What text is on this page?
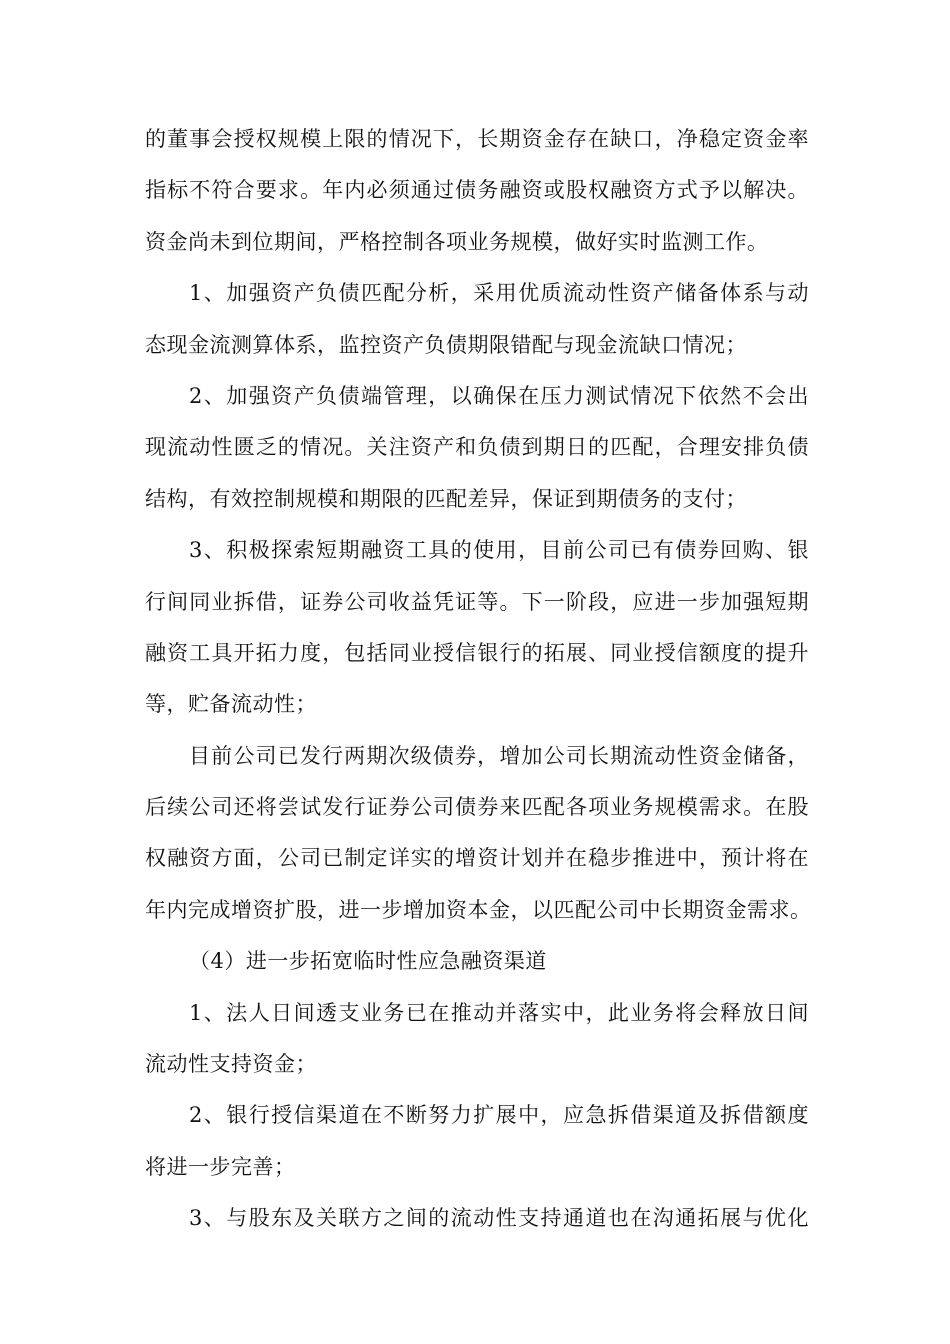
的董事会授权规模上限的情况下，长期资金存在缺口，净稳定资金率
指标不符合要求。年内必须通过债务融资或股权融资方式予以解决。
资金尚未到位期间，严格控制各项业务规模，做好实时监测工作。
1、加强资产负债匹配分析，采用优质流动性资产储备体系与动
态现金流测算体系，监控资产负债期限错配与现金流缺口情况；
2、加强资产负债端管理，以确保在压力测试情况下依然不会出
现流动性匮乏的情况。关注资产和负债到期日的匹配，合理安排负债
结构，有效控制规模和期限的匹配差异，保证到期债务的支付；
3、积极探索短期融资工具的使用，目前公司已有债券回购、银
行间同业拆借，证券公司收益凭证等。下一阶段，应进一步加强短期
融资工具开拓力度，包括同业授信银行的拓展、同业授信额度的提升
等，贮备流动性；
目前公司已发行两期次级债券，增加公司长期流动性资金储备，
后续公司还将尝试发行证券公司债券来匹配各项业务规模需求。在股
权融资方面，公司已制定详实的增资计划并在稳步推进中，预计将在
年内完成增资扩股，进一步增加资本金，以匹配公司中长期资金需求。
（4）进一步拓宽临时性应急融资渠道
1、法人日间透支业务已在推动并落实中，此业务将会释放日间
流动性支持资金；
2、银行授信渠道在不断努力扩展中，应急拆借渠道及拆借额度
将进一步完善；
3、与股东及关联方之间的流动性支持通道也在沟通拓展与优化
